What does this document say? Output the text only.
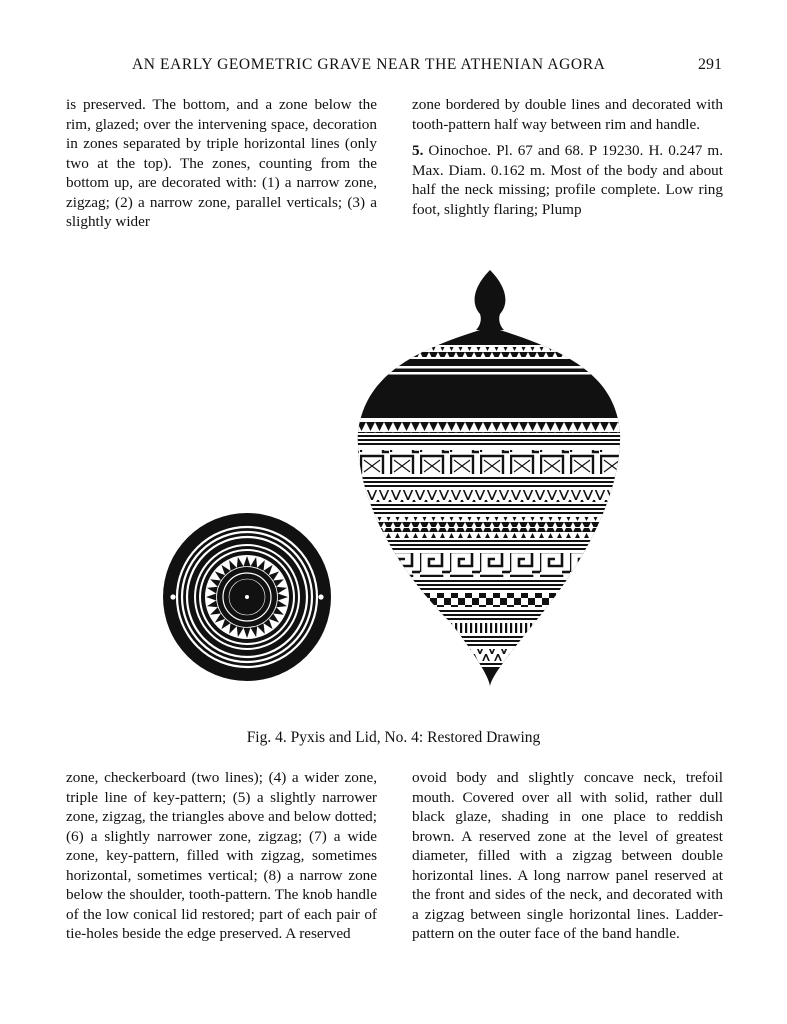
AN EARLY GEOMETRIC GRAVE NEAR THE ATHENIAN AGORA	291

is preserved. The bottom, and a zone below the rim, glazed; over the intervening space, decoration in zones separated by triple horizontal lines (only two at the top). The zones, counting from the bottom up, are decorated with: (1) a narrow zone, zigzag; (2) a narrow zone, parallel verticals; (3) a slightly wider

zone bordered by double lines and decorated with tooth-pattern half way between rim and handle.

5. Oinochoe. Pl. 67 and 68. P 19230. H. 0.247 m. Max. Diam. 0.162 m. Most of the body and about half the neck missing; profile complete. Low ring foot, slightly flaring; Plump

Fig. 4. Pyxis and Lid, No. 4: Restored Drawing

zone, checkerboard (two lines); (4) a wider zone, triple line of key-pattern; (5) a slightly narrower zone, zigzag, the triangles above and below dotted; (6) a slightly narrower zone, zigzag; (7) a wide zone, key-pattern, filled with zigzag, sometimes horizontal, sometimes vertical; (8) a narrow zone below the shoulder, tooth-pattern. The knob handle of the low conical lid restored; part of each pair of tie-holes beside the edge preserved. A reserved

ovoid body and slightly concave neck, trefoil mouth. Covered over all with solid, rather dull black glaze, shading in one place to reddish brown. A reserved zone at the level of greatest diameter, filled with a zigzag between double horizontal lines. A long narrow panel reserved at the front and sides of the neck, and decorated with a zigzag between single horizontal lines. Ladder-pattern on the outer face of the band handle.
